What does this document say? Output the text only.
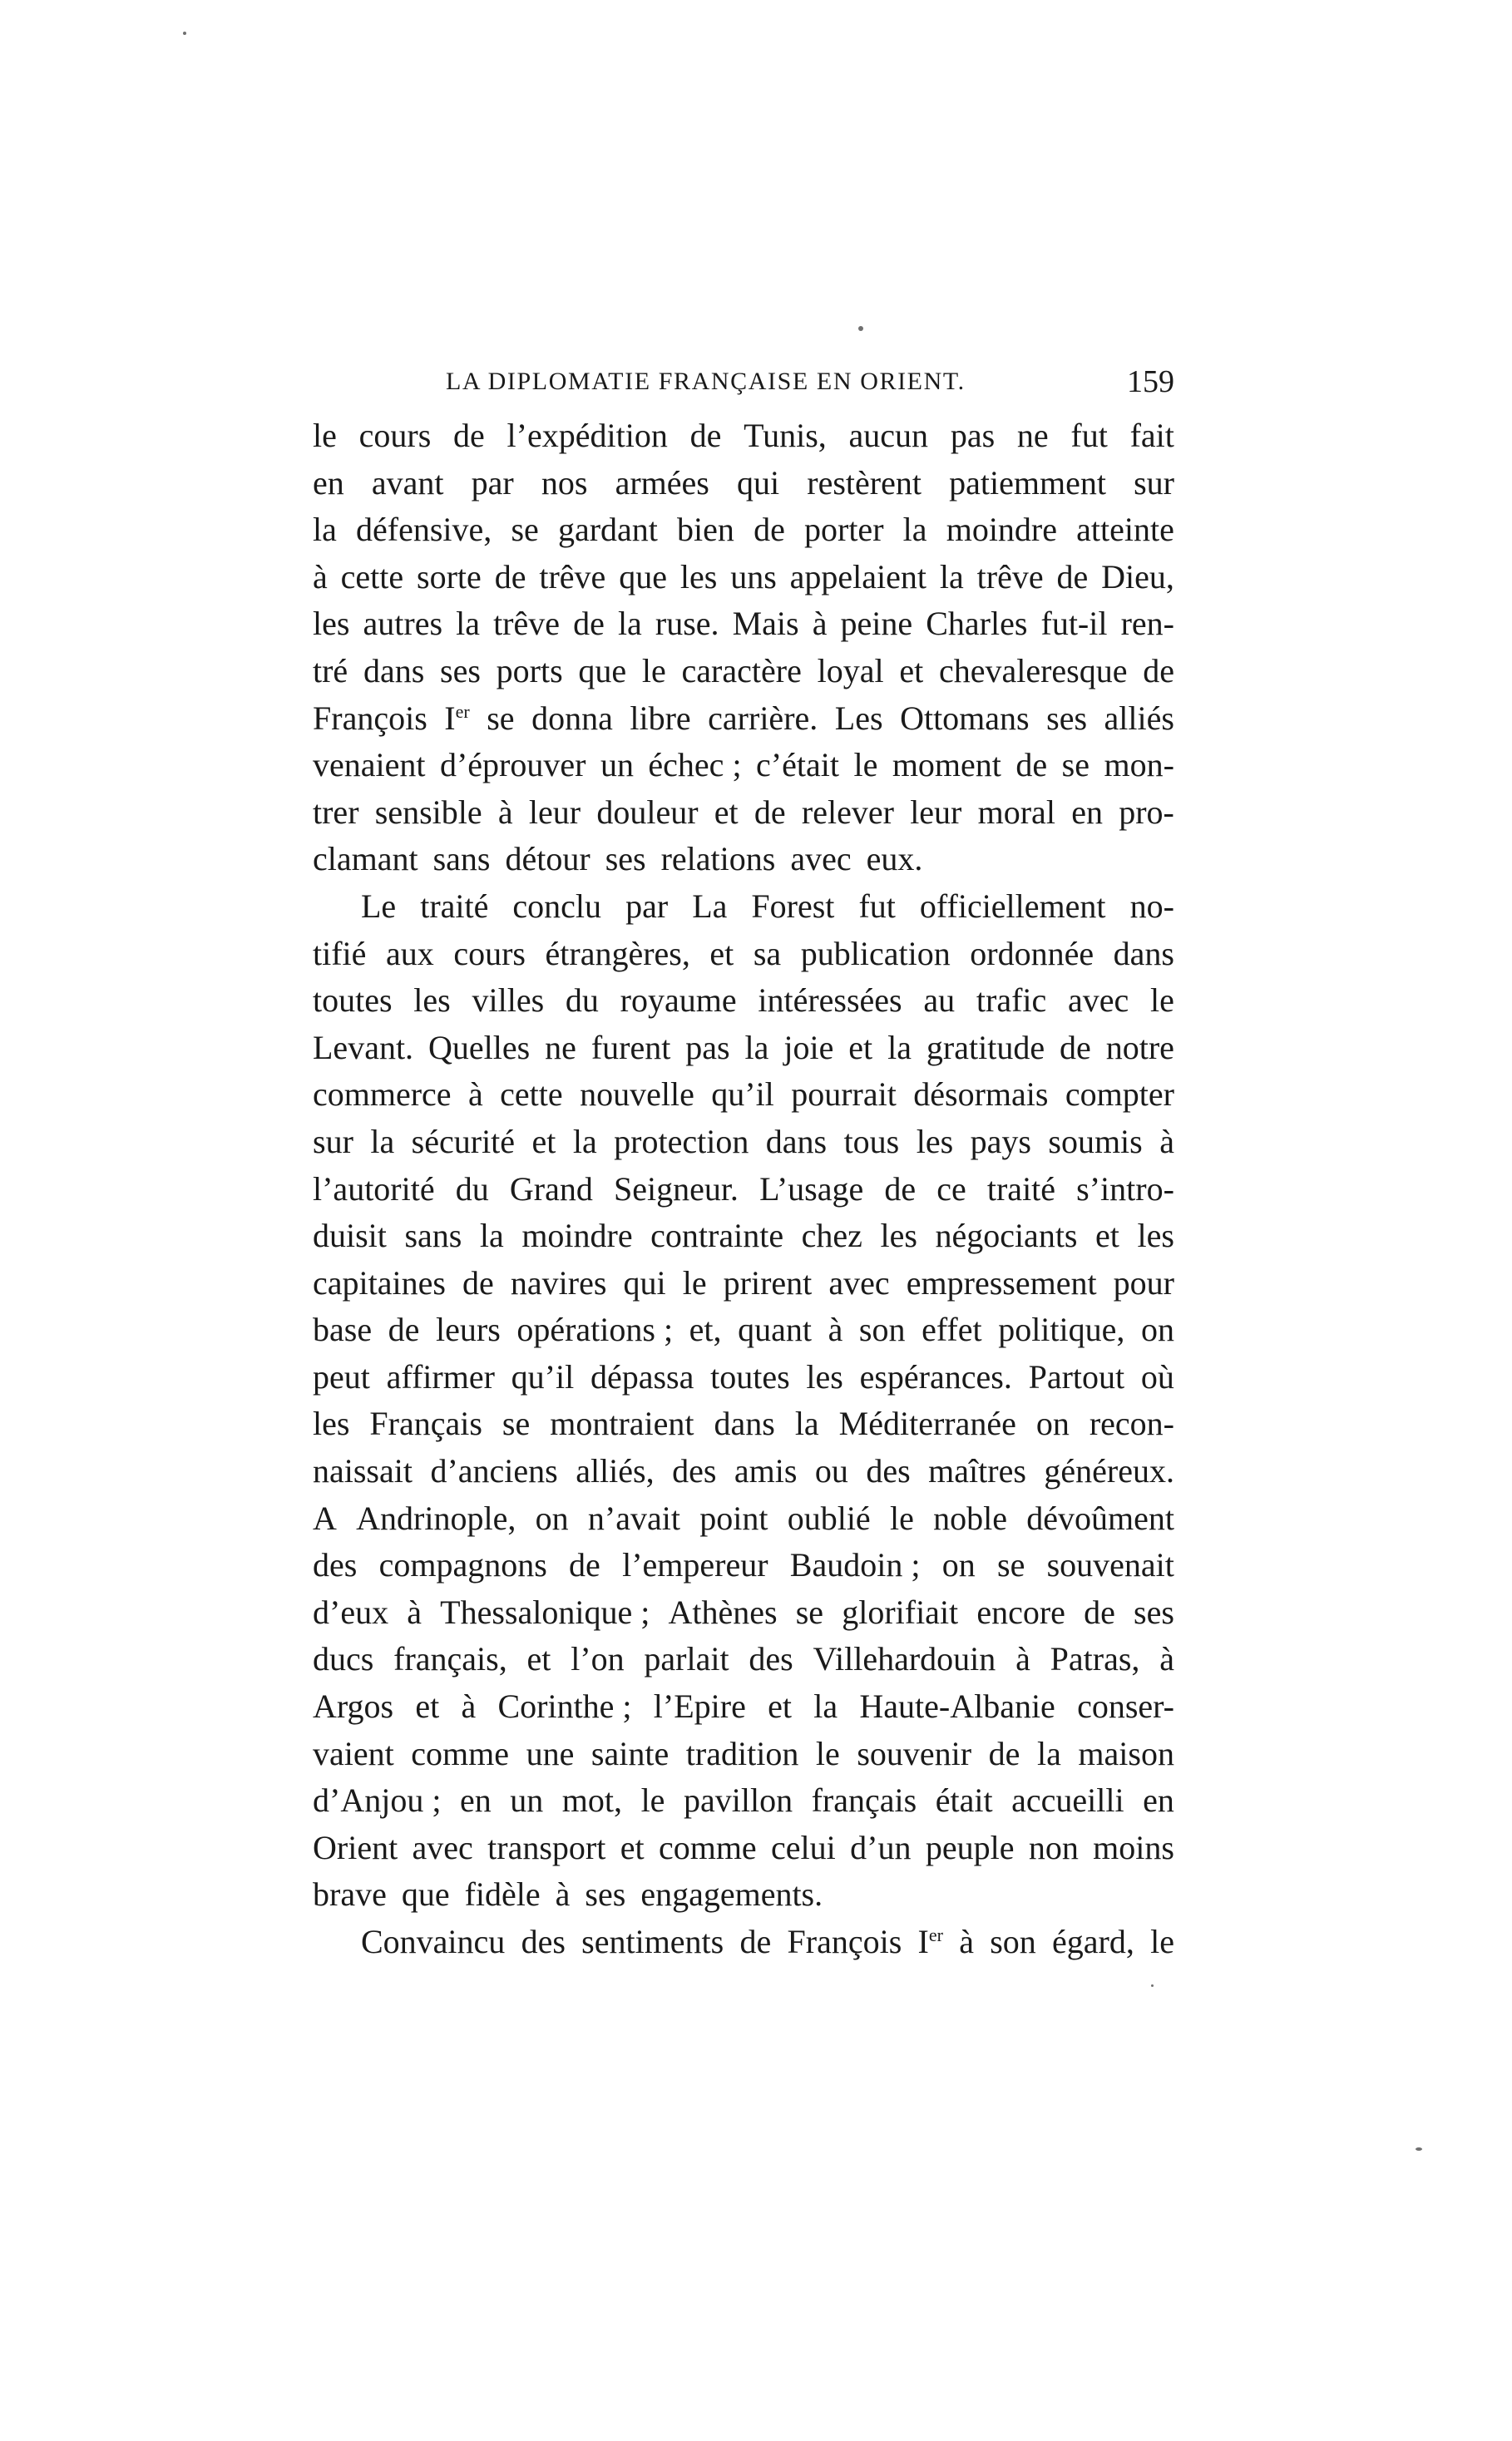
LA DIPLOMATIE FRANÇAISE EN ORIENT.	159
le cours de l’expédition de Tunis, aucun pas ne fut fait
en avant par nos armées qui restèrent patiemment sur
la défensive, se gardant bien de porter la moindre atteinte
à cette sorte de trêve que les uns appelaient la trêve de Dieu,
les autres la trêve de la ruse. Mais à peine Charles fut-il ren-
tré dans ses ports que le caractère loyal et chevaleresque de
François Ier se donna libre carrière. Les Ottomans ses alliés
venaient d’éprouver un échec ; c’était le moment de se mon-
trer sensible à leur douleur et de relever leur moral en pro-
clamant sans détour ses relations avec eux.
Le traité conclu par La Forest fut officiellement no-
tifié aux cours étrangères, et sa publication ordonnée dans
toutes les villes du royaume intéressées au trafic avec le
Levant. Quelles ne furent pas la joie et la gratitude de notre
commerce à cette nouvelle qu’il pourrait désormais compter
sur la sécurité et la protection dans tous les pays soumis à
l’autorité du Grand Seigneur. L’usage de ce traité s’intro-
duisit sans la moindre contrainte chez les négociants et les
capitaines de navires qui le prirent avec empressement pour
base de leurs opérations ; et, quant à son effet politique, on
peut affirmer qu’il dépassa toutes les espérances. Partout où
les Français se montraient dans la Méditerranée on recon-
naissait d’anciens alliés, des amis ou des maîtres généreux.
A Andrinople, on n’avait point oublié le noble dévoûment
des compagnons de l’empereur Baudoin ; on se souvenait
d’eux à Thessalonique ; Athènes se glorifiait encore de ses
ducs français, et l’on parlait des Villehardouin à Patras, à
Argos et à Corinthe ; l’Epire et la Haute-Albanie conser-
vaient comme une sainte tradition le souvenir de la maison
d’Anjou ; en un mot, le pavillon français était accueilli en
Orient avec transport et comme celui d’un peuple non moins
brave que fidèle à ses engagements.
Convaincu des sentiments de François Ier à son égard, le
